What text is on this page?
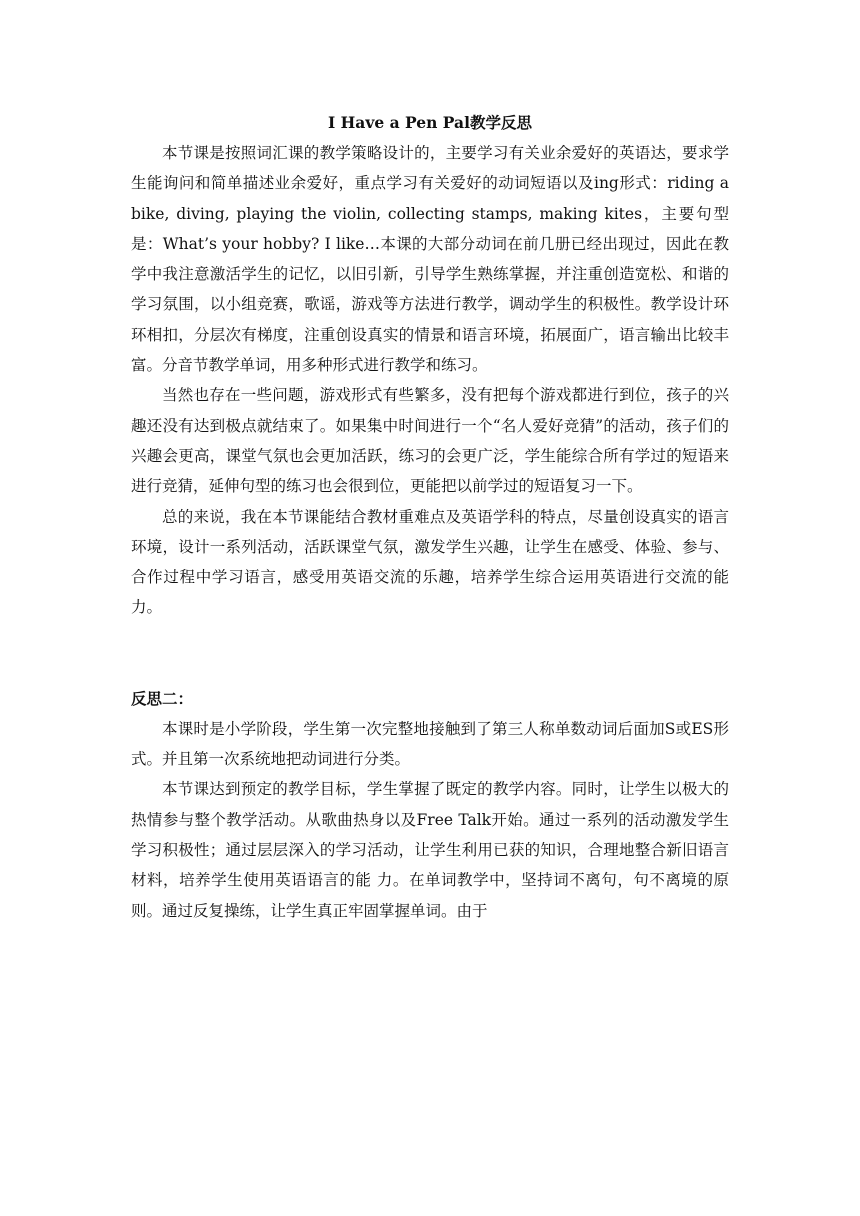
I Have a Pen Pal教学反思

本节课是按照词汇课的教学策略设计的，主要学习有关业余爱好的英语达，要求学生能询问和简单描述业余爱好，重点学习有关爱好的动词短语以及ing形式：riding a bike, diving, playing the violin, collecting stamps, making kites，主要句型是：What’s your hobby? I like…本课的大部分动词在前几册已经出现过，因此在教学中我注意激活学生的记忆，以旧引新，引导学生熟练掌握，并注重创造宽松、和谐的学习氛围，以小组竞赛，歌谣，游戏等方法进行教学，调动学生的积极性。教学设计环环相扣，分层次有梯度，注重创设真实的情景和语言环境，拓展面广，语言输出比较丰富。分音节教学单词，用多种形式进行教学和练习。

当然也存在一些问题，游戏形式有些繁多，没有把每个游戏都进行到位，孩子的兴趣还没有达到极点就结束了。如果集中时间进行一个“名人爱好竞猜”的活动，孩子们的兴趣会更高，课堂气氛也会更加活跃，练习的会更广泛，学生能综合所有学过的短语来进行竞猜，延伸句型的练习也会很到位，更能把以前学过的短语复习一下。

总的来说，我在本节课能结合教材重难点及英语学科的特点，尽量创设真实的语言环境，设计一系列活动，活跃课堂气氛，激发学生兴趣，让学生在感受、体验、参与、合作过程中学习语言，感受用英语交流的乐趣，培养学生综合运用英语进行交流的能力。

反思二：

本课时是小学阶段，学生第一次完整地接触到了第三人称单数动词后面加S或ES形式。并且第一次系统地把动词进行分类。

本节课达到预定的教学目标，学生掌握了既定的教学内容。同时，让学生以极大的热情参与整个教学活动。从歌曲热身以及Free Talk开始。通过一系列的活动激发学生学习积极性；通过层层深入的学习活动，让学生利用已获的知识，合理地整合新旧语言材料，培养学生使用英语语言的能 力。在单词教学中，坚持词不离句，句不离境的原则。通过反复操练，让学生真正牢固掌握单词。由于
